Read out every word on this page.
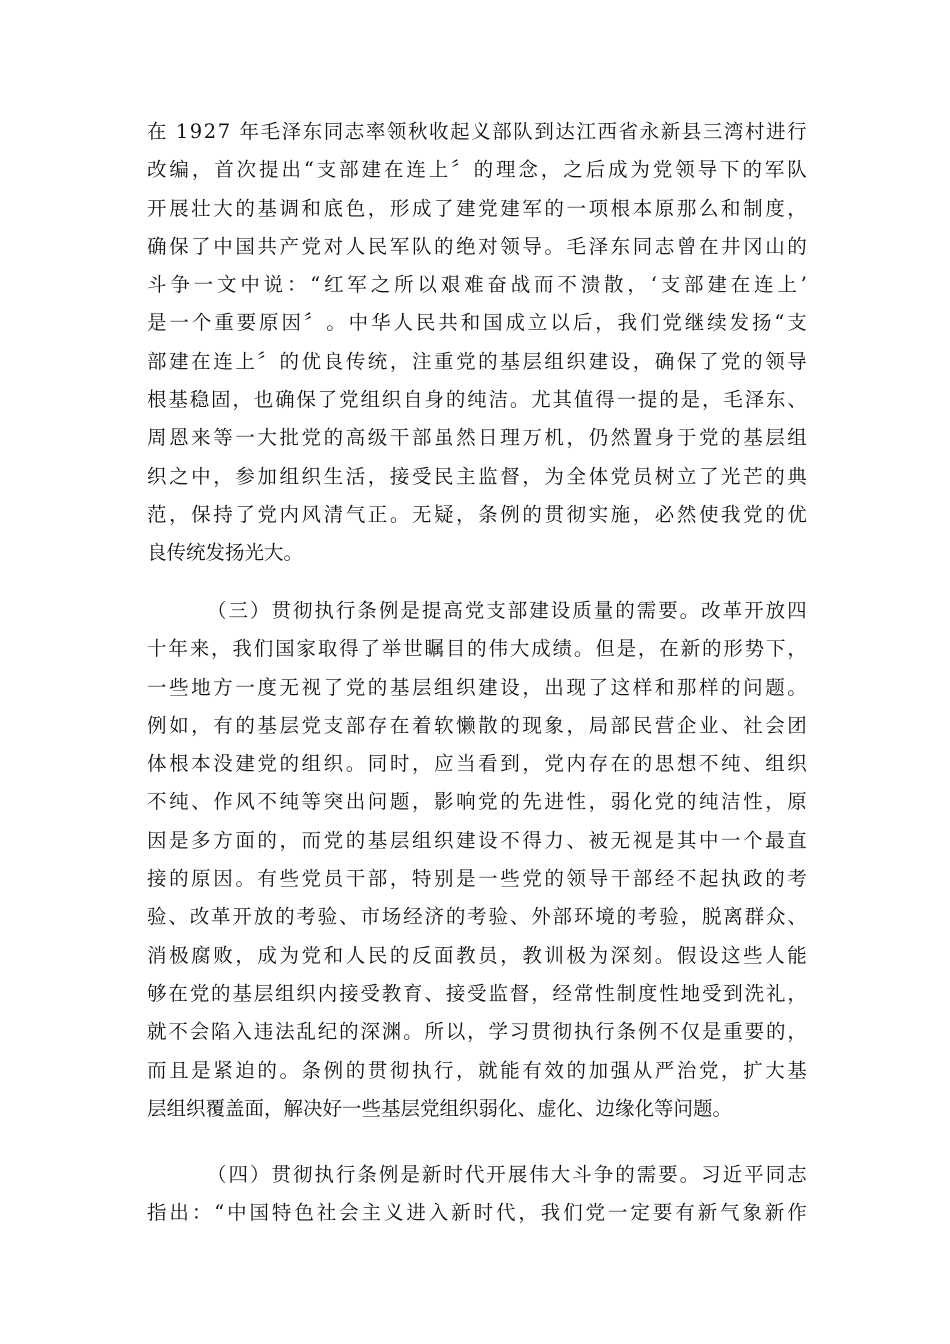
在
1 9 2 7
年 毛 泽 东 同 志 率 领 秋 收 起 义 部 队 到 达 江 西 省 永 新 县 三 湾 村 进 行
改 编 ， 首 次 提 出 “ 支 部 建 在 连 上 〞 的 理 念 ， 之 后 成 为 党 领 导 下 的 军 队
开 展 壮 大 的 基 调 和 底 色 ， 形 成 了 建 党 建 军 的 一 项 根 本 原 那 么 和 制 度 ，
确 保 了 中 国 共 产 党 对 人 民 军 队 的 绝 对 领 导 。 毛 泽 东 同 志 曾 在 井 冈 山 的
斗 争 一 文 中 说 ： “ 红 军 之 所 以 艰 难 奋 战 而 不 溃 散 ， ‘ 支 部 建 在 连 上 ’
是 一 个 重 要 原 因 〞 。 中 华 人 民 共 和 国 成 立 以 后 ， 我 们 党 继 续 发 扬 “ 支
部 建 在 连 上 〞 的 优 良 传 统 ， 注 重 党 的 基 层 组 织 建 设 ， 确 保 了 党 的 领 导
根 基 稳 固 ， 也 确 保 了 党 组 织 自 身 的 纯 洁 。 尤 其 值 得 一 提 的 是 ， 毛 泽 东 、
周 恩 来 等 一 大 批 党 的 高 级 干 部 虽 然 日 理 万 机 ， 仍 然 置 身 于 党 的 基 层 组
织 之 中 ， 参 加 组 织 生 活 ， 接 受 民 主 监 督 ， 为 全 体 党 员 树 立 了 光 芒 的 典
范 ， 保 持 了 党 内 风 清 气 正 。 无 疑 ， 条 例 的 贯 彻 实 施 ， 必 然 使 我 党 的 优
良传统发扬光大。
（ 三 ） 贯 彻 执 行 条 例 是 提 高 党 支 部 建 设 质 量 的 需 要 。 改 革 开 放 四
十 年 来 ， 我 们 国 家 取 得 了 举 世 瞩 目 的 伟 大 成 绩 。 但 是 ， 在 新 的 形 势 下 ，
一 些 地 方 一 度 无 视 了 党 的 基 层 组 织 建 设 ， 出 现 了 这 样 和 那 样 的 问 题 。
例 如 ， 有 的 基 层 党 支 部 存 在 着 软 懒 散 的 现 象 ， 局 部 民 营 企 业 、 社 会 团
体 根 本 没 建 党 的 组 织 。 同 时 ， 应 当 看 到 ， 党 内 存 在 的 思 想 不 纯 、 组 织
不 纯 、 作 风 不 纯 等 突 出 问 题 ， 影 响 党 的 先 进 性 ， 弱 化 党 的 纯 洁 性 ， 原
因 是 多 方 面 的 ， 而 党 的 基 层 组 织 建 设 不 得 力 、 被 无 视 是 其 中 一 个 最 直
接 的 原 因 。 有 些 党 员 干 部 ， 特 别 是 一 些 党 的 领 导 干 部 经 不 起 执 政 的 考
验 、 改 革 开 放 的 考 验 、 市 场 经 济 的 考 验 、 外 部 环 境 的 考 验 ， 脱 离 群 众 、
消 极 腐 败 ， 成 为 党 和 人 民 的 反 面 教 员 ， 教 训 极 为 深 刻 。 假 设 这 些 人 能
够 在 党 的 基 层 组 织 内 接 受 教 育 、 接 受 监 督 ， 经 常 性 制 度 性 地 受 到 洗 礼 ，
就 不 会 陷 入 违 法 乱 纪 的 深 渊 。 所 以 ， 学 习 贯 彻 执 行 条 例 不 仅 是 重 要 的 ，
而 且 是 紧 迫 的 。 条 例 的 贯 彻 执 行 ， 就 能 有 效 的 加 强 从 严 治 党 ， 扩 大 基
层组织覆盖面，解决好一些基层党组织弱化、虚化、边缘化等问题。
（ 四 ） 贯 彻 执 行 条 例 是 新 时 代 开 展 伟 大 斗 争 的 需 要 。 习 近 平 同 志
指 出 ： “ 中 国 特 色 社 会 主 义 进 入 新 时 代 ， 我 们 党 一 定 要 有 新 气 象 新 作
